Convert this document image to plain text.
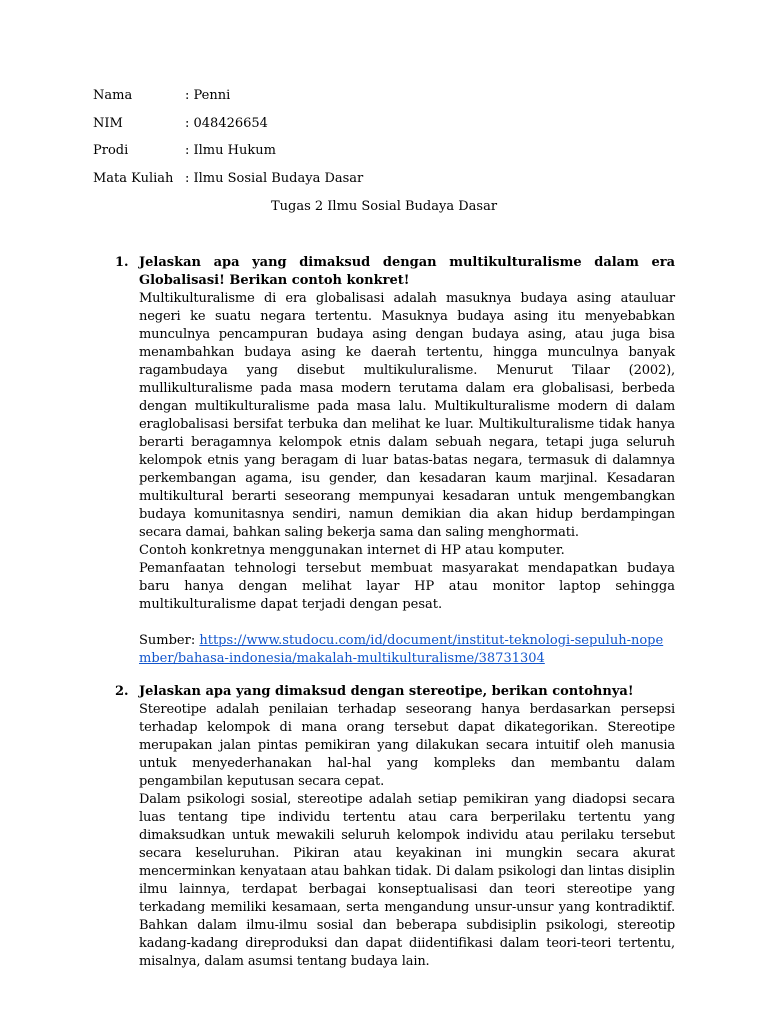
Nama	: Penni
NIM	: 048426654
Prodi	: Ilmu Hukum
Mata Kuliah : Ilmu Sosial Budaya Dasar
Tugas 2 Ilmu Sosial Budaya Dasar
1. Jelaskan apa yang dimaksud dengan multikulturalisme dalam era Globalisasi! Berikan contoh konkret!

Multikulturalisme di era globalisasi adalah masuknya budaya asing atauluar negeri ke suatu negara tertentu. Masuknya budaya asing itu menyebabkan munculnya pencampuran budaya asing dengan budaya asing, atau juga bisa menambahkan budaya asing ke daerah tertentu, hingga munculnya banyak ragambudaya yang disebut multikuluralisme. Menurut Tilaar (2002), mullikulturalisme pada masa modern terutama dalam era globalisasi, berbeda dengan multikulturalisme pada masa lalu. Multikulturalisme modern di dalam eraglobalisasi bersifat terbuka dan melihat ke luar. Multikulturalisme tidak hanya berarti beragamnya kelompok etnis dalam sebuah negara, tetapi juga seluruh kelompok etnis yang beragam di luar batas-batas negara, termasuk di dalamnya perkembangan agama, isu gender, dan kesadaran kaum marjinal. Kesadaran multikultural berarti seseorang mempunyai kesadaran untuk mengembangkan budaya komunitasnya sendiri, namun demikian dia akan hidup berdampingan secara damai, bahkan saling bekerja sama dan saling menghormati.

Contoh konkretnya menggunakan internet di HP atau komputer.

Pemanfaatan tehnologi tersebut membuat masyarakat mendapatkan budaya baru hanya dengan melihat layar HP atau monitor laptop sehingga multikulturalisme dapat terjadi dengan pesat.

Sumber: https://www.studocu.com/id/document/institut-teknologi-sepuluh-nopember/bahasa-indonesia/makalah-multikulturalisme/38731304

2. Jelaskan apa yang dimaksud dengan stereotipe, berikan contohnya!

Stereotipe adalah penilaian terhadap seseorang hanya berdasarkan persepsi terhadap kelompok di mana orang tersebut dapat dikategorikan. Stereotipe merupakan jalan pintas pemikiran yang dilakukan secara intuitif oleh manusia untuk menyederhanakan hal-hal yang kompleks dan membantu dalam pengambilan keputusan secara cepat.

Dalam psikologi sosial, stereotipe adalah setiap pemikiran yang diadopsi secara luas tentang tipe individu tertentu atau cara berperilaku tertentu yang dimaksudkan untuk mewakili seluruh kelompok individu atau perilaku tersebut secara keseluruhan. Pikiran atau keyakinan ini mungkin secara akurat mencerminkan kenyataan atau bahkan tidak. Di dalam psikologi dan lintas disiplin ilmu lainnya, terdapat berbagai konseptualisasi dan teori stereotipe yang terkadang memiliki kesamaan, serta mengandung unsur-unsur yang kontradiktif. Bahkan dalam ilmu-ilmu sosial dan beberapa subdisiplin psikologi, stereotip kadang-kadang direproduksi dan dapat diidentifikasi dalam teori-teori tertentu, misalnya, dalam asumsi tentang budaya lain.
